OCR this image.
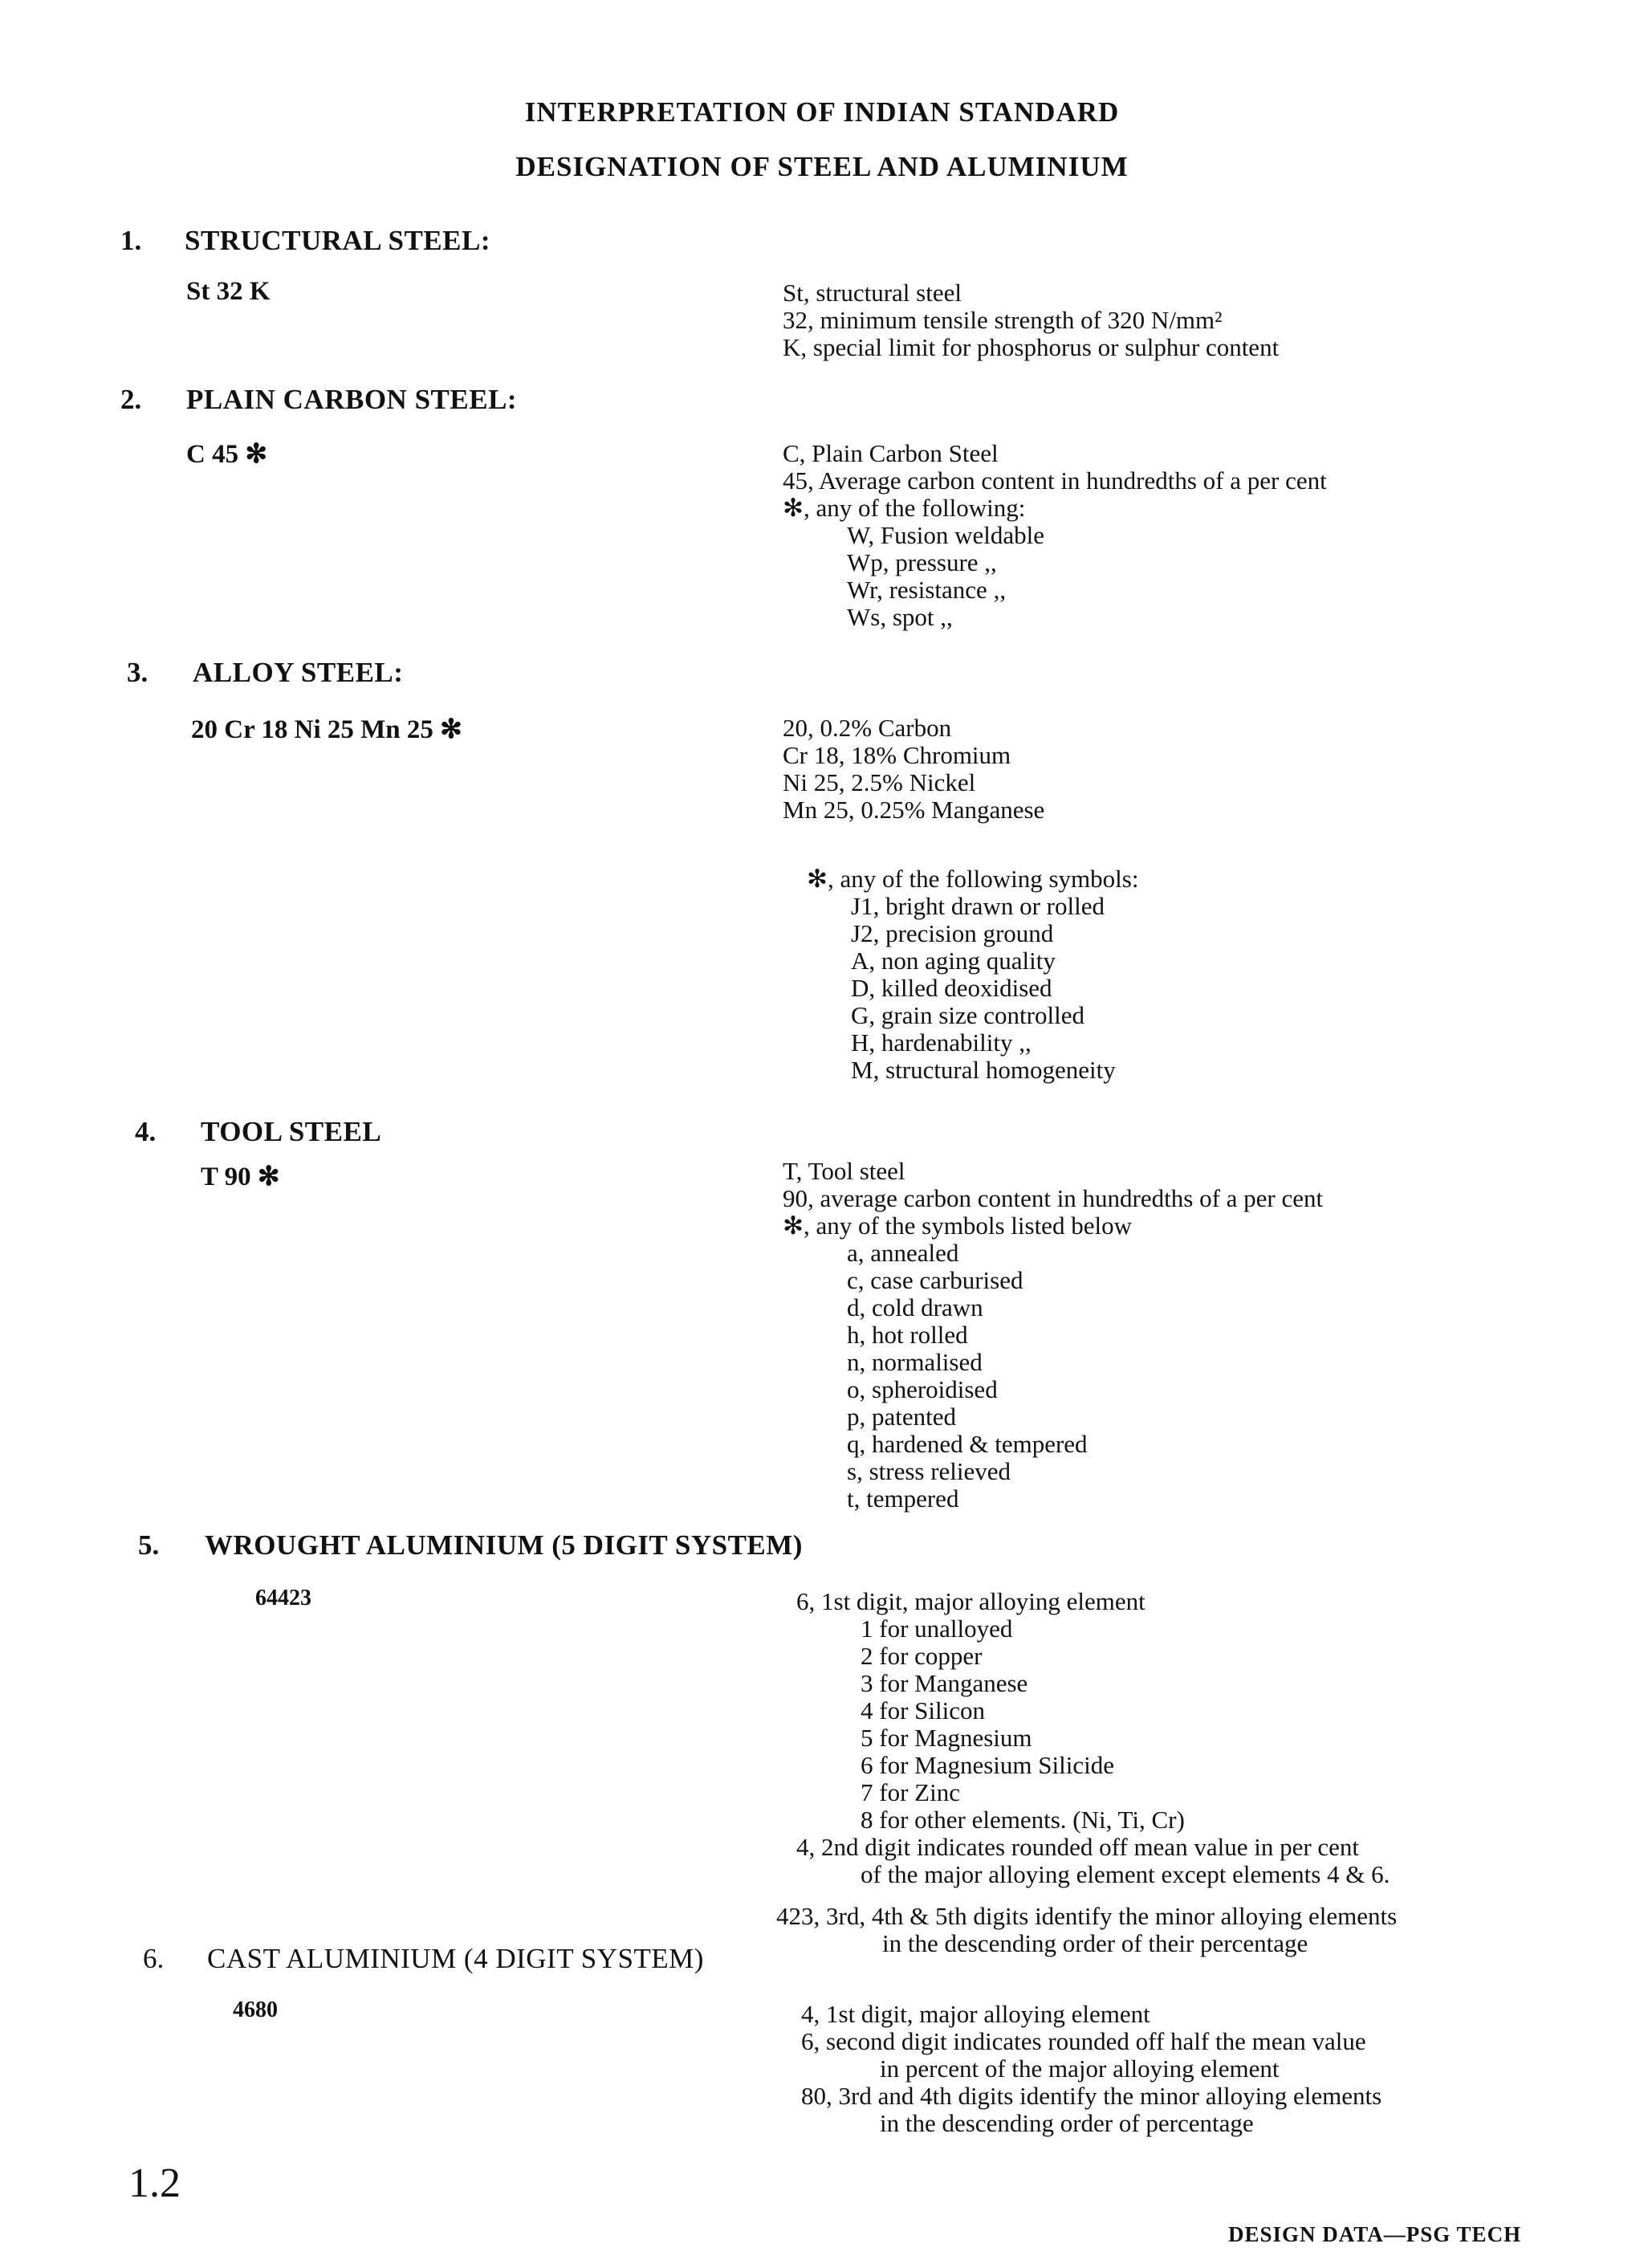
INTERPRETATION OF INDIAN STANDARD
DESIGNATION OF STEEL AND ALUMINIUM
1. STRUCTURAL STEEL:
St 32 K	St, structural steel
32, minimum tensile strength of 320 N/mm²
K, special limit for phosphorus or sulphur content
2. PLAIN CARBON STEEL:
C 45 ✻	C, Plain Carbon Steel
45, Average carbon content in hundredths of a per cent
✻, any of the following:
W, Fusion weldable
Wp, pressure ,,
Wr, resistance ,,
Ws, spot ,,
3. ALLOY STEEL:
20 Cr 18 Ni 25 Mn 25 ✻	20, 0.2% Carbon
Cr 18, 18% Chromium
Ni 25, 2.5% Nickel
Mn 25, 0.25% Manganese
✻, any of the following symbols:
J1, bright drawn or rolled
J2, precision ground
A, non aging quality
D, killed deoxidised
G, grain size controlled
H, hardenability ,,
M, structural homogeneity
4. TOOL STEEL
T 90 ✻	T, Tool steel
90, average carbon content in hundredths of a per cent
✻, any of the symbols listed below
a, annealed
c, case carburised
d, cold drawn
h, hot rolled
n, normalised
o, spheroidised
p, patented
q, hardened & tempered
s, stress relieved
t, tempered
5. WROUGHT ALUMINIUM (5 DIGIT SYSTEM)
64423	6, 1st digit, major alloying element
1 for unalloyed
2 for copper
3 for Manganese
4 for Silicon
5 for Magnesium
6 for Magnesium Silicide
7 for Zinc
8 for other elements. (Ni, Ti, Cr)
4, 2nd digit indicates rounded off mean value in per cent
of the major alloying element except elements 4 & 6.
423, 3rd, 4th & 5th digits identify the minor alloying elements
in the descending order of their percentage
6. CAST ALUMINIUM (4 DIGIT SYSTEM)
4680	4, 1st digit, major alloying element
6, second digit indicates rounded off half the mean value
in percent of the major alloying element
80, 3rd and 4th digits identify the minor alloying elements
in the descending order of percentage
1.2
DESIGN DATA—PSG TECH
